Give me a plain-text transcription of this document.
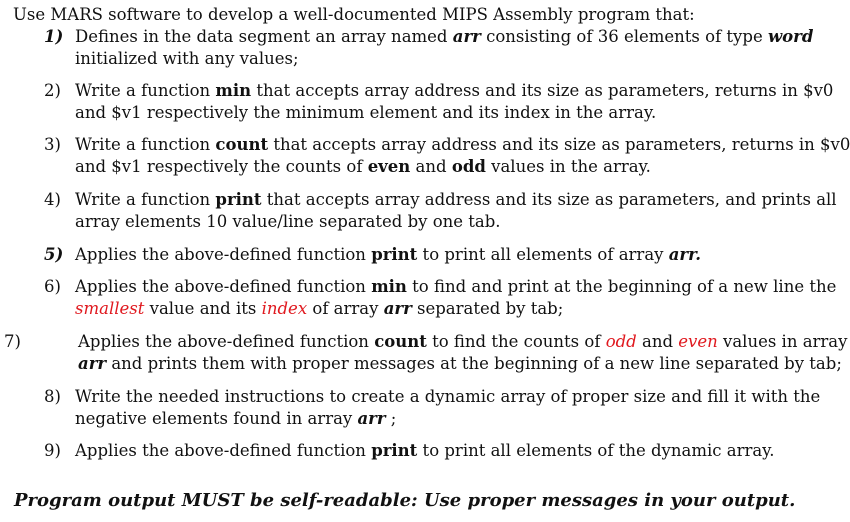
Use MARS software to develop a well-documented MIPS Assembly program that:
1) Defines in the data segment an array named arr consisting of 36 elements of type word
initialized with any values;
2) Write a function min that accepts array address and its size as parameters, returns in $v0
and $v1 respectively the minimum element and its index in the array.
3) Write a function count that accepts array address and its size as parameters, returns in $v0
and $v1 respectively the counts of even and odd values in the array.
4) Write a function print that accepts array address and its size as parameters, and prints all
array elements 10 value/line separated by one tab.
5) Applies the above-defined function print to print all elements of array arr.
6) Applies the above-defined function min to find and print at the beginning of a new line the
smallest value and its index of array arr separated by tab;
7)	Applies the above-defined function count to find the counts of odd and even values in array
arr and prints them with proper messages at the beginning of a new line separated by tab;
8) Write the needed instructions to create a dynamic array of proper size and fill it with the
negative elements found in array arr ;
9) Applies the above-defined function print to print all elements of the dynamic array.
Program output MUST be self-readable: Use proper messages in your output.
